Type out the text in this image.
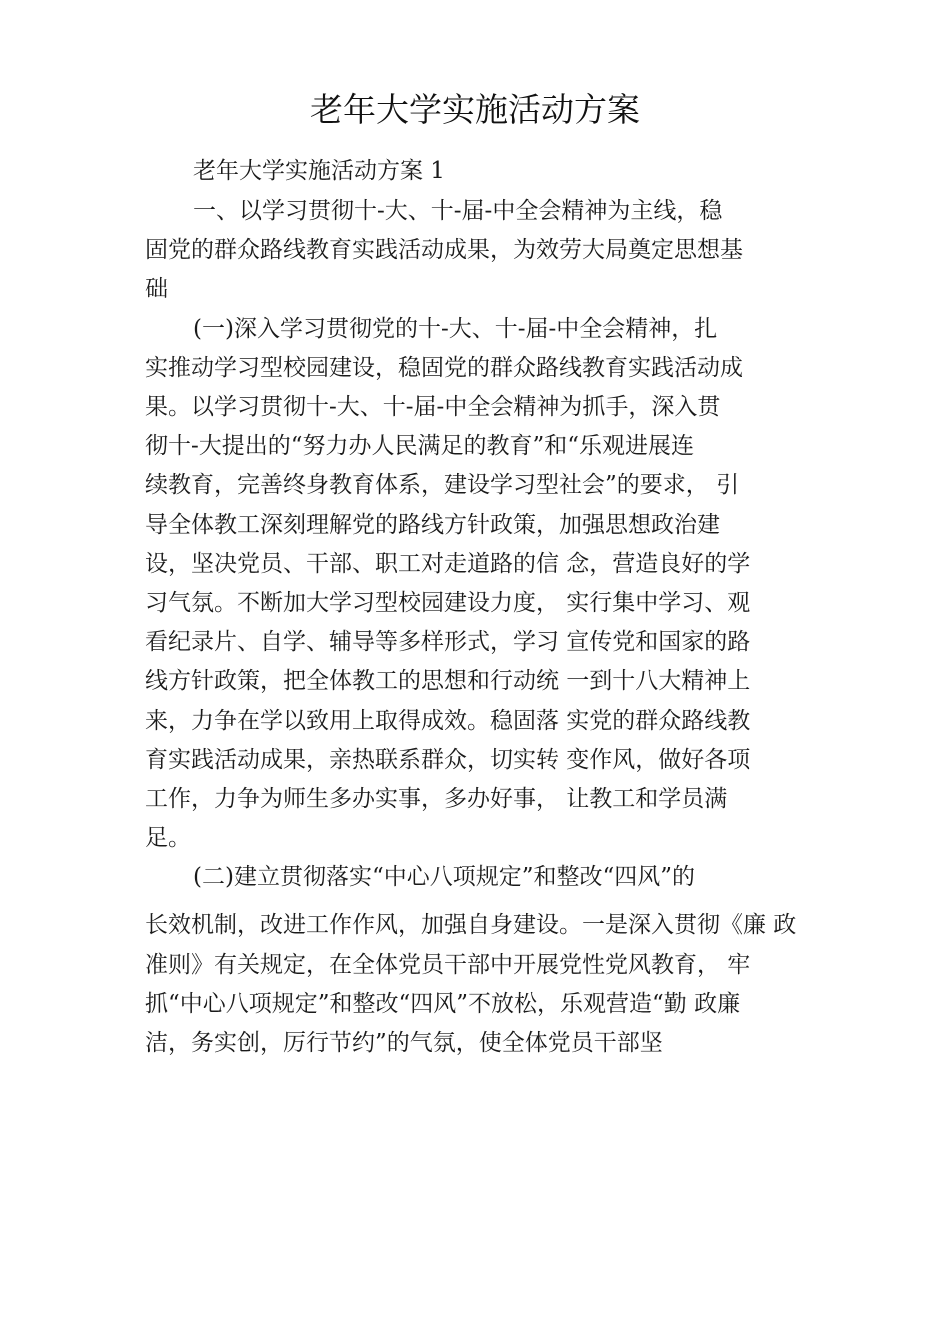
老年大学实施活动方案
老年大学实施活动方案 1
一、以学习贯彻十-大、十-届-中全会精神为主线，稳
固党的群众路线教育实践活动成果，为效劳大局奠定思想基
础
(一)深入学习贯彻党的十-大、十-届-中全会精神，扎
实推动学习型校园建设，稳固党的群众路线教育实践活动成
果。以学习贯彻十-大、十-届-中全会精神为抓手，深入贯
彻十-大提出的“努力办人民满足的教育”和“乐观进展连
续教育，完善终身教育体系，建设学习型社会”的要求， 引
导全体教工深刻理解党的路线方针政策，加强思想政治建
设，坚决党员、干部、职工对走道路的信 念，营造良好的学
习气氛。不断加大学习型校园建设力度， 实行集中学习、观
看纪录片、自学、辅导等多样形式，学习 宣传党和国家的路
线方针政策，把全体教工的思想和行动统 一到十八大精神上
来，力争在学以致用上取得成效。稳固落 实党的群众路线教
育实践活动成果，亲热联系群众，切实转 变作风，做好各项
工作，力争为师生多办实事，多办好事， 让教工和学员满
足。
(二)建立贯彻落实“中心八项规定”和整改“四风”的
长效机制，改进工作作风，加强自身建设。一是深入贯彻《廉 政
准则》有关规定，在全体党员干部中开展党性党风教育， 牢
抓“中心八项规定”和整改“四风”不放松，乐观营造“勤 政廉
洁，务实创，厉行节约”的气氛，使全体党员干部坚
